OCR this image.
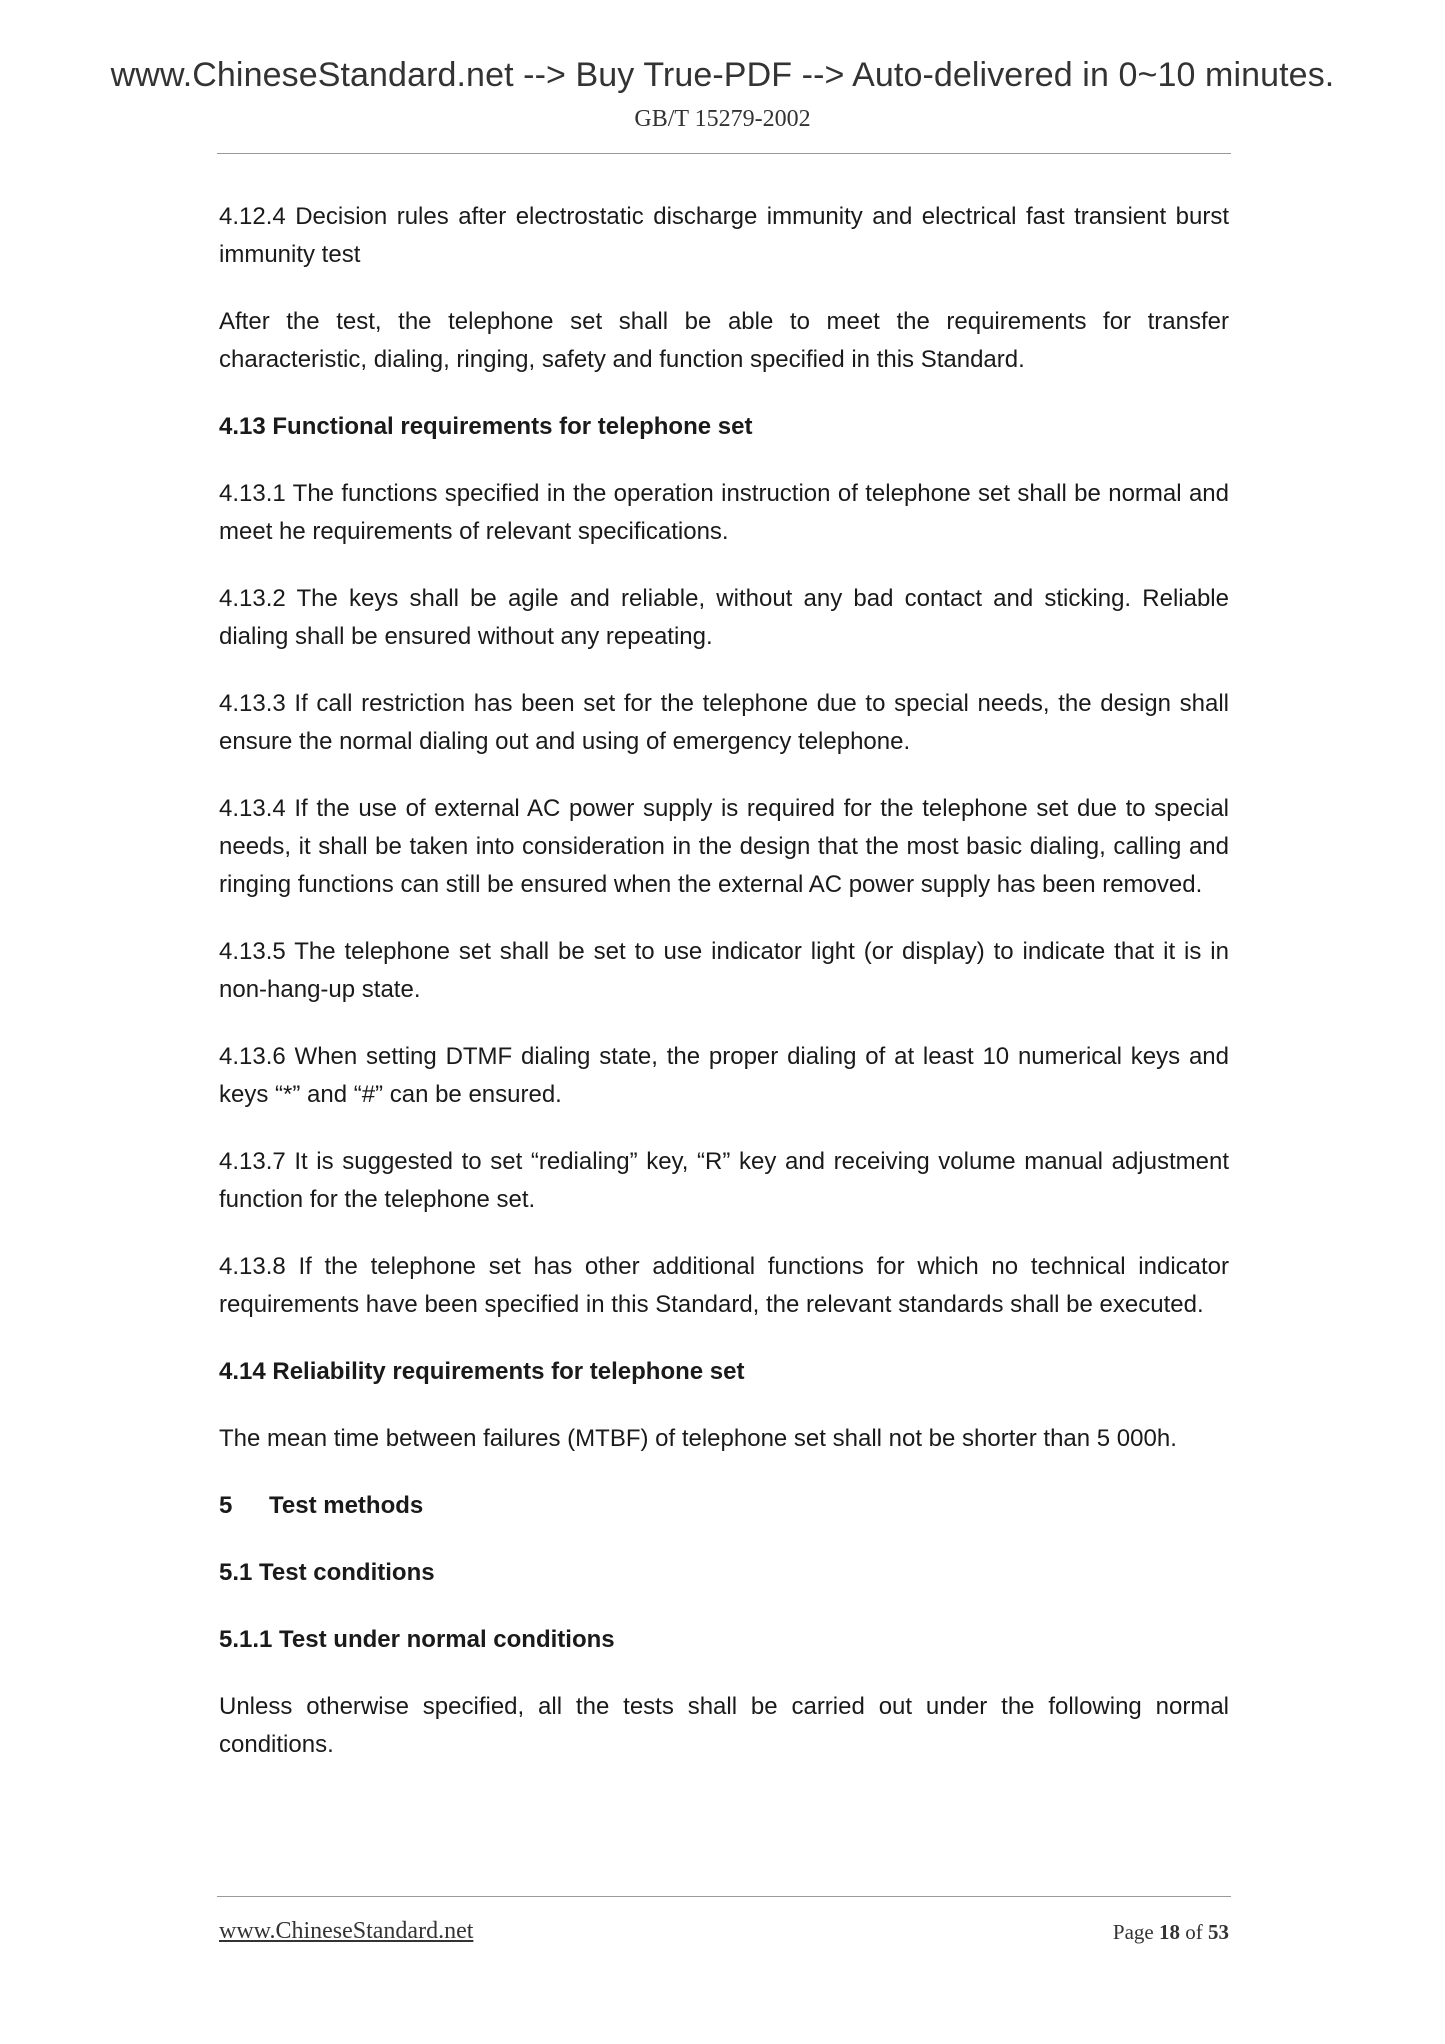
www.ChineseStandard.net --> Buy True-PDF --> Auto-delivered in 0~10 minutes.
GB/T 15279-2002

4.12.4 Decision rules after electrostatic discharge immunity and electrical fast transient burst immunity test

After the test, the telephone set shall be able to meet the requirements for transfer characteristic, dialing, ringing, safety and function specified in this Standard.

4.13 Functional requirements for telephone set

4.13.1 The functions specified in the operation instruction of telephone set shall be normal and meet he requirements of relevant specifications.

4.13.2 The keys shall be agile and reliable, without any bad contact and sticking. Reliable dialing shall be ensured without any repeating.

4.13.3 If call restriction has been set for the telephone due to special needs, the design shall ensure the normal dialing out and using of emergency telephone.

4.13.4 If the use of external AC power supply is required for the telephone set due to special needs, it shall be taken into consideration in the design that the most basic dialing, calling and ringing functions can still be ensured when the external AC power supply has been removed.

4.13.5 The telephone set shall be set to use indicator light (or display) to indicate that it is in non-hang-up state.

4.13.6 When setting DTMF dialing state, the proper dialing of at least 10 numerical keys and keys “*” and “#” can be ensured.

4.13.7 It is suggested to set “redialing” key, “R” key and receiving volume manual adjustment function for the telephone set.

4.13.8 If the telephone set has other additional functions for which no technical indicator requirements have been specified in this Standard, the relevant standards shall be executed.

4.14 Reliability requirements for telephone set

The mean time between failures (MTBF) of telephone set shall not be shorter than 5 000h.

5 Test methods

5.1 Test conditions

5.1.1 Test under normal conditions

Unless otherwise specified, all the tests shall be carried out under the following normal conditions.

www.ChineseStandard.net	Page 18 of 53
